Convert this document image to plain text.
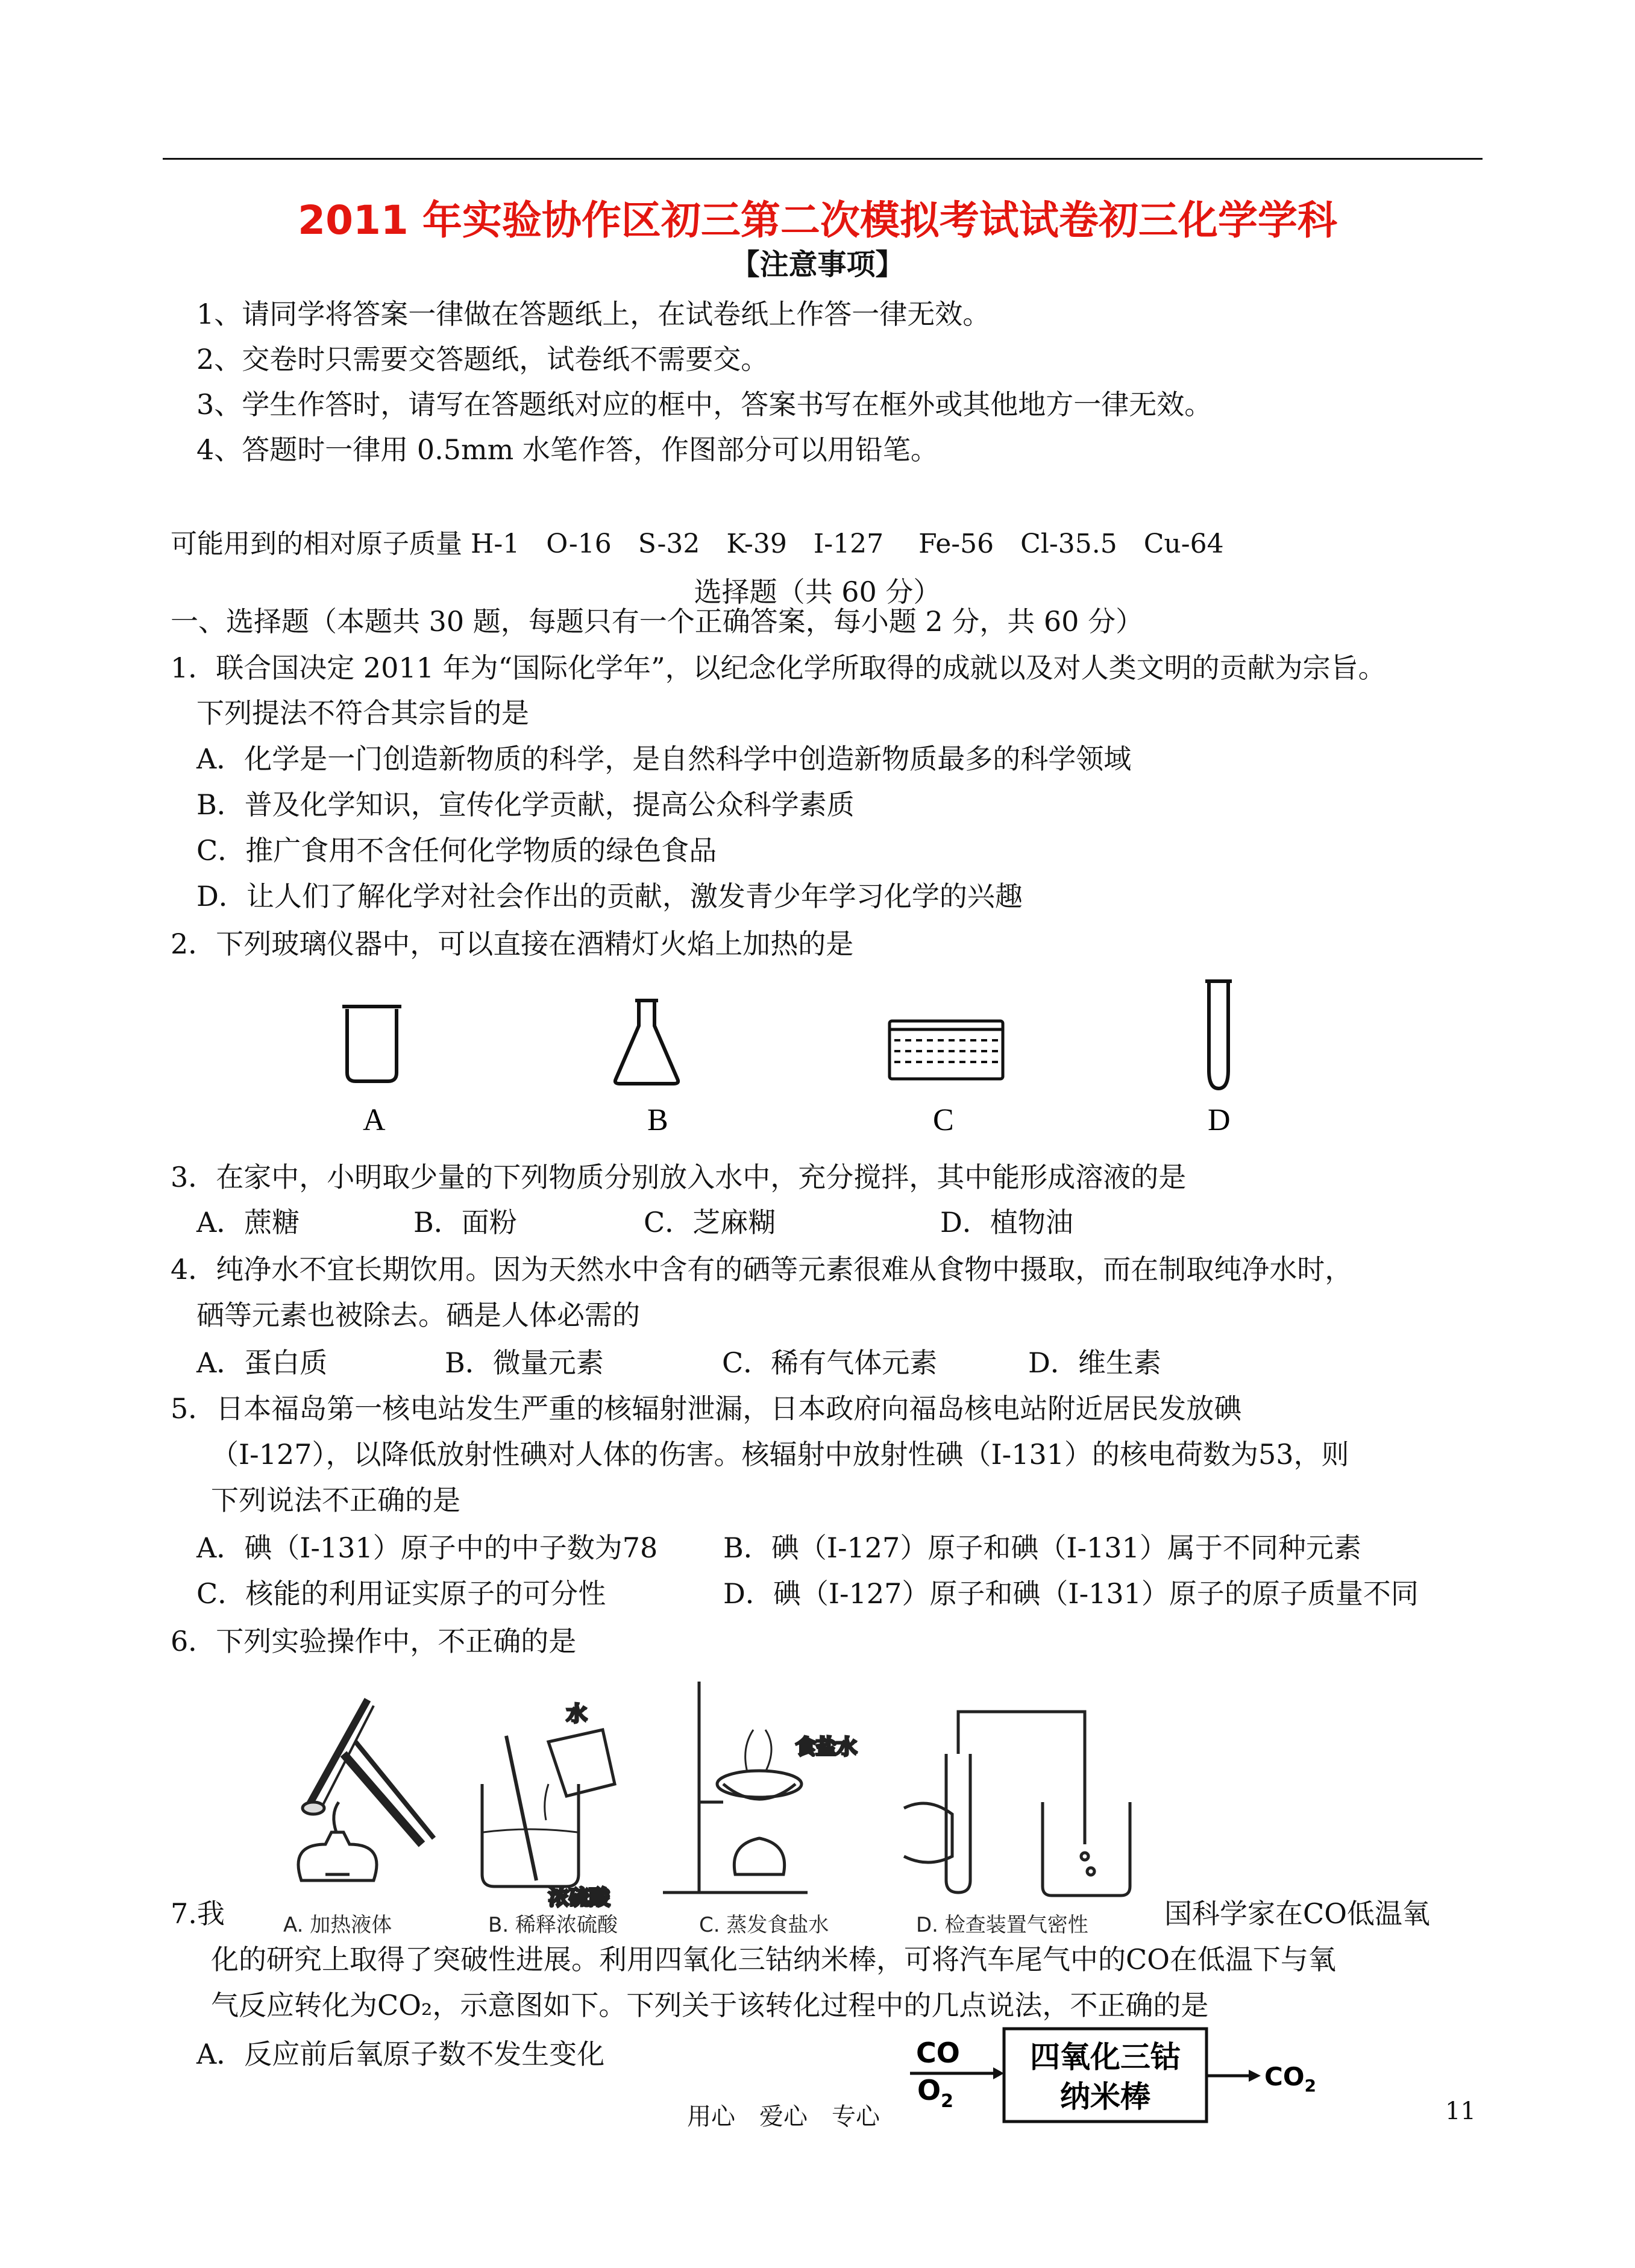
2011 年实验协作区初三第二次模拟考试试卷初三化学学科
【注意事项】
1、请同学将答案一律做在答题纸上，在试卷纸上作答一律无效。
2、交卷时只需要交答题纸，试卷纸不需要交。
3、学生作答时，请写在答题纸对应的框中，答案书写在框外或其他地方一律无效。
4、答题时一律用 0.5mm 水笔作答，作图部分可以用铅笔。
可能用到的相对原子质量 H-1　O-16　S-32　K-39　I-127　 Fe-56　Cl-35.5　Cu-64
选择题（共 60 分）
一、选择题（本题共 30 题，每题只有一个正确答案，每小题 2 分，共 60 分）
1．联合国决定 2011 年为“国际化学年”，以纪念化学所取得的成就以及对人类文明的贡献为宗旨。
下列提法不符合其宗旨的是
A．化学是一门创造新物质的科学，是自然科学中创造新物质最多的科学领域
B．普及化学知识，宣传化学贡献，提高公众科学素质
C．推广食用不含任何化学物质的绿色食品
D．让人们了解化学对社会作出的贡献，激发青少年学习化学的兴趣
2．下列玻璃仪器中，可以直接在酒精灯火焰上加热的是
A	B	C	D
3．在家中，小明取少量的下列物质分别放入水中，充分搅拌，其中能形成溶液的是
A．蔗糖	B．面粉	C．芝麻糊	D．植物油
4．纯净水不宜长期饮用。因为天然水中含有的硒等元素很难从食物中摄取，而在制取纯净水时，
硒等元素也被除去。硒是人体必需的
A．蛋白质	B．微量元素	C．稀有气体元素	D．维生素
5．日本福岛第一核电站发生严重的核辐射泄漏，日本政府向福岛核电站附近居民发放碘
（I-127），以降低放射性碘对人体的伤害。核辐射中放射性碘（I-131）的核电荷数为53，则
下列说法不正确的是
A．碘（I-131）原子中的中子数为78 B．碘（I-127）原子和碘（I-131）属于不同种元素
C．核能的利用证实原子的可分性	D．碘（I-127）原子和碘（I-131）原子的原子质量不同
6．下列实验操作中，不正确的是
水
浓硫酸
食盐水
A. 加热液体	B. 稀释浓硫酸	C. 蒸发食盐水	D. 检查装置气密性
7.我	国科学家在CO低温氧
化的研究上取得了突破性进展。利用四氧化三钴纳米棒，可将汽车尾气中的CO在低温下与氧
气反应转化为CO₂，示意图如下。下列关于该转化过程中的几点说法，不正确的是
A．反应前后氧原子数不发生变化	CO
$O_2$
四氧化三钴
纳米棒
$CO_2$
用心　爱心　专心	11
